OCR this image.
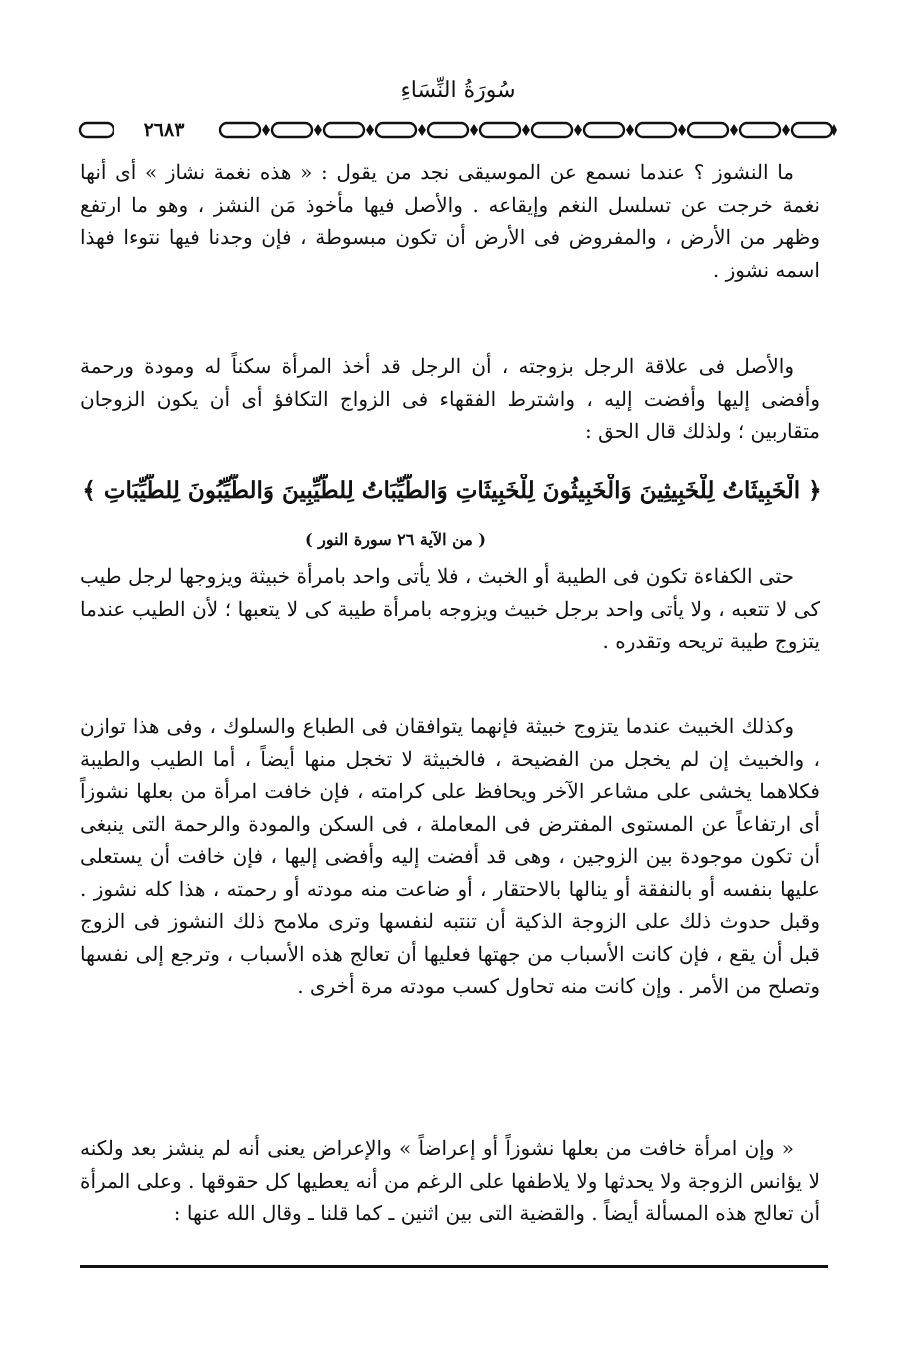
سُورَةُ النِّسَاءِ
٢٦٨٣

ما النشوز ؟ عندما نسمع عن الموسيقى نجد من يقول : « هذه نغمة نشاز » أى أنها نغمة خرجت عن تسلسل النغم وإيقاعه . والأصل فيها مأخوذ مَن النشز ، وهو ما ارتفع وظهر من الأرض ، والمفروض فى الأرض أن تكون مبسوطة ، فإن وجدنا فيها نتوءا فهذا اسمه نشوز .

والأصل فى علاقة الرجل بزوجته ، أن الرجل قد أخذ المرأة سكناً له ومودة ورحمة وأفضى إليها وأفضت إليه ، واشترط الفقهاء فى الزواج التكافؤ أى أن يكون الزوجان متقاربين ؛ ولذلك قال الحق :

﴿ الْخَبِيثَاتُ لِلْخَبِيثِينَ وَالْخَبِيثُونَ لِلْخَبِيثَاتِ وَالطَّيِّبَاتُ لِلطَّيِّبِينَ وَالطَّيِّبُونَ لِلطَّيِّبَاتِ ﴾
( من الآية ٢٦ سورة النور )

حتى الكفاءة تكون فى الطيبة أو الخبث ، فلا يأتى واحد بامرأة خبيثة ويزوجها لرجل طيب كى لا تتعبه ، ولا يأتى واحد برجل خبيث ويزوجه بامرأة طيبة كى لا يتعبها ؛ لأن الطيب عندما يتزوج طيبة تريحه وتقدره .

وكذلك الخبيث عندما يتزوج خبيثة فإنهما يتوافقان فى الطباع والسلوك ، وفى هذا توازن ، والخبيث إن لم يخجل من الفضيحة ، فالخبيثة لا تخجل منها أيضاً ، أما الطيب والطيبة فكلاهما يخشى على مشاعر الآخر ويحافظ على كرامته ، فإن خافت امرأة من بعلها نشوزاً أى ارتفاعاً عن المستوى المفترض فى المعاملة ، فى السكن والمودة والرحمة التى ينبغى أن تكون موجودة بين الزوجين ، وهى قد أفضت إليه وأفضى إليها ، فإن خافت أن يستعلى عليها بنفسه أو بالنفقة أو ينالها بالاحتقار ، أو ضاعت منه مودته أو رحمته ، هذا كله نشوز . وقبل حدوث ذلك على الزوجة الذكية أن تنتبه لنفسها وترى ملامح ذلك النشوز فى الزوج قبل أن يقع ، فإن كانت الأسباب من جهتها فعليها أن تعالج هذه الأسباب ، وترجع إلى نفسها وتصلح من الأمر . وإن كانت منه تحاول كسب مودته مرة أخرى .

« وإن امرأة خافت من بعلها نشوزاً أو إعراضاً » والإعراض يعنى أنه لم ينشز بعد ولكنه لا يؤانس الزوجة ولا يحدثها ولا يلاطفها على الرغم من أنه يعطيها كل حقوقها . وعلى المرأة أن تعالج هذه المسألة أيضاً . والقضية التى بين اثنين ـ كما قلنا ـ وقال الله عنها :
